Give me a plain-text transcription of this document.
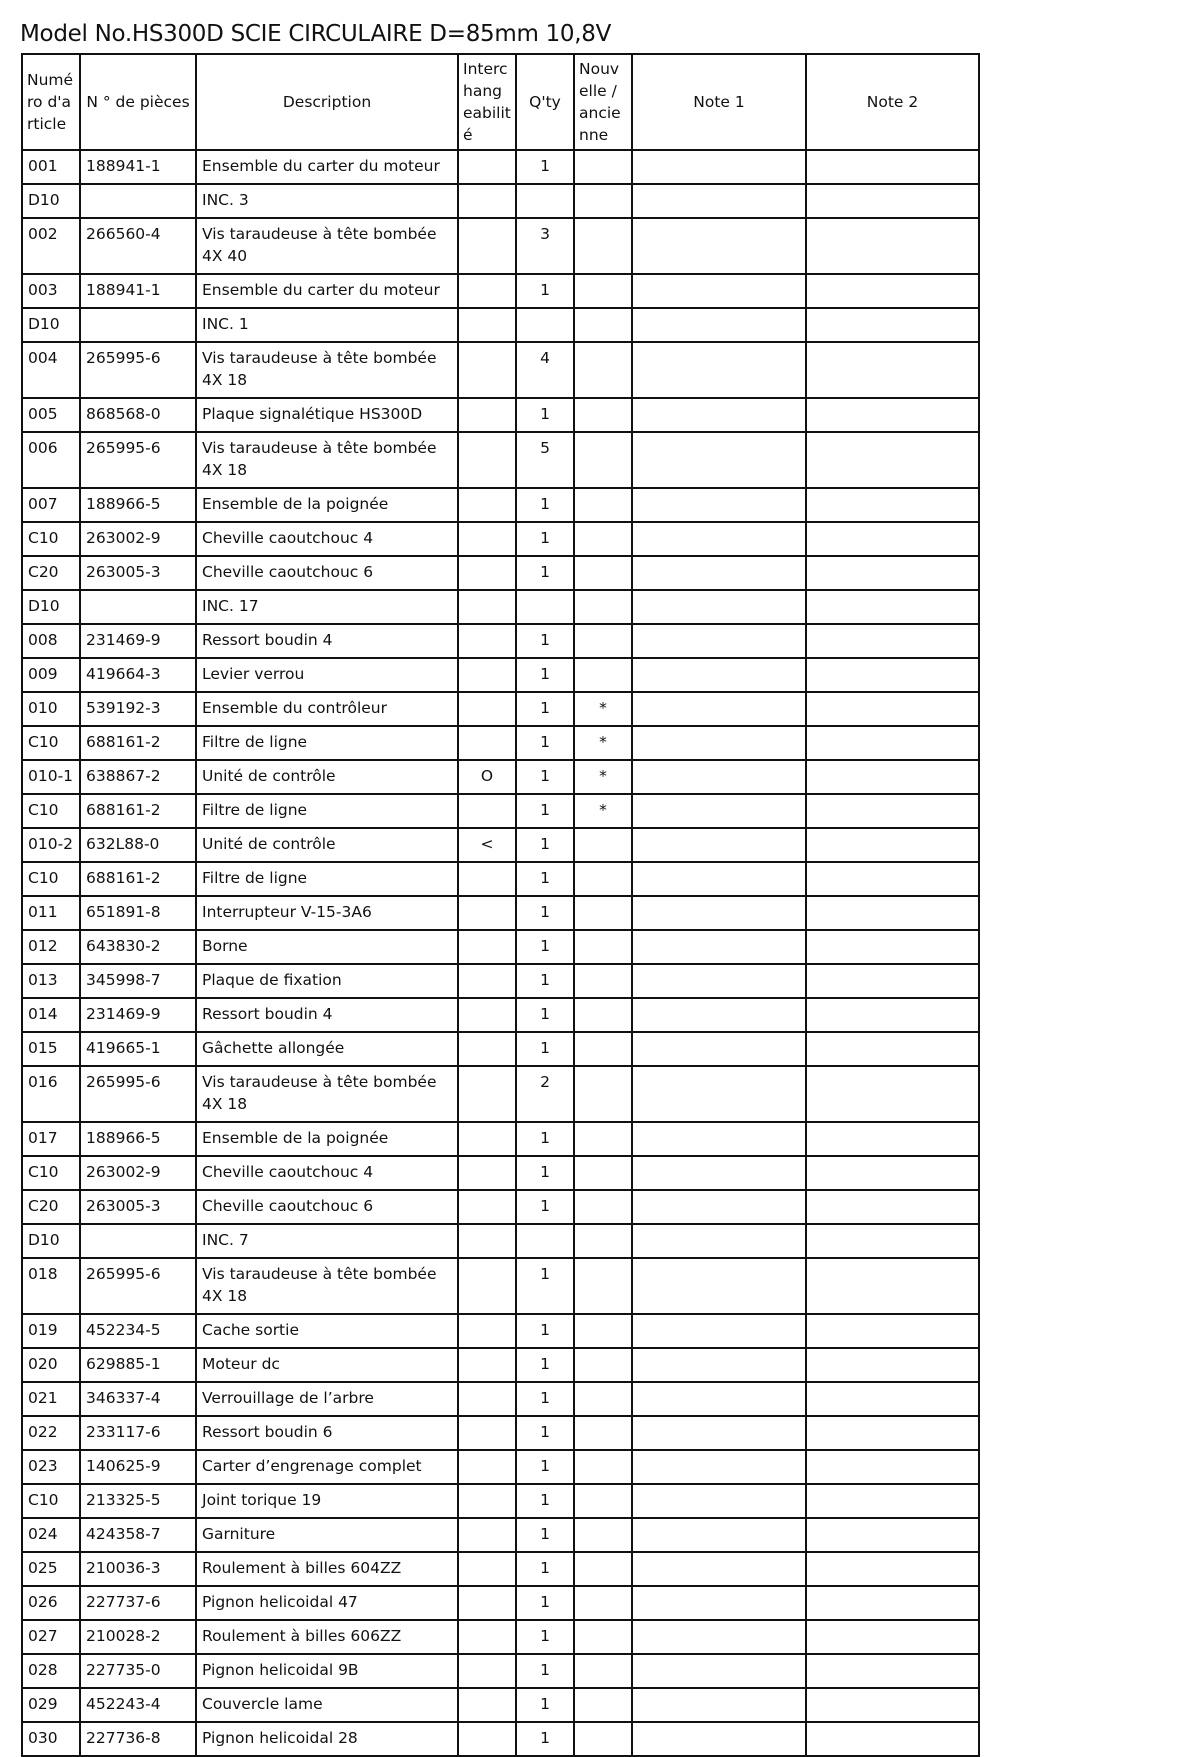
Model No.HS300D SCIE CIRCULAIRE D=85mm 10,8V
Numé ro d'a rticle	N ° de pièces	Description	Interc hang eabilit é	Q'ty	Nouv elle / ancie nne	Note 1	Note 2
001	188941-1	Ensemble du carter du moteur		1			
D10		INC. 3					
002	266560-4	Vis taraudeuse à tête bombée 4X 40		3			
003	188941-1	Ensemble du carter du moteur		1			
D10		INC. 1					
004	265995-6	Vis taraudeuse à tête bombée 4X 18		4			
005	868568-0	Plaque signalétique HS300D		1			
006	265995-6	Vis taraudeuse à tête bombée 4X 18		5			
007	188966-5	Ensemble de la poignée		1			
C10	263002-9	Cheville caoutchouc 4		1			
C20	263005-3	Cheville caoutchouc 6		1			
D10		INC. 17					
008	231469-9	Ressort boudin 4		1			
009	419664-3	Levier verrou		1			
010	539192-3	Ensemble du contrôleur		1	*		
C10	688161-2	Filtre de ligne		1	*		
010-1	638867-2	Unité de contrôle	O	1	*		
C10	688161-2	Filtre de ligne		1	*		
010-2	632L88-0	Unité de contrôle	<	1			
C10	688161-2	Filtre de ligne		1			
011	651891-8	Interrupteur V-15-3A6		1			
012	643830-2	Borne		1			
013	345998-7	Plaque de fixation		1			
014	231469-9	Ressort boudin 4		1			
015	419665-1	Gâchette allongée		1			
016	265995-6	Vis taraudeuse à tête bombée 4X 18		2			
017	188966-5	Ensemble de la poignée		1			
C10	263002-9	Cheville caoutchouc 4		1			
C20	263005-3	Cheville caoutchouc 6		1			
D10		INC. 7					
018	265995-6	Vis taraudeuse à tête bombée 4X 18		1			
019	452234-5	Cache sortie		1			
020	629885-1	Moteur dc		1			
021	346337-4	Verrouillage de l’arbre		1			
022	233117-6	Ressort boudin 6		1			
023	140625-9	Carter d’engrenage complet		1			
C10	213325-5	Joint torique 19		1			
024	424358-7	Garniture		1			
025	210036-3	Roulement à billes 604ZZ		1			
026	227737-6	Pignon helicoidal 47		1			
027	210028-2	Roulement à billes 606ZZ		1			
028	227735-0	Pignon helicoidal 9B		1			
029	452243-4	Couvercle lame		1			
030	227736-8	Pignon helicoidal 28		1			
